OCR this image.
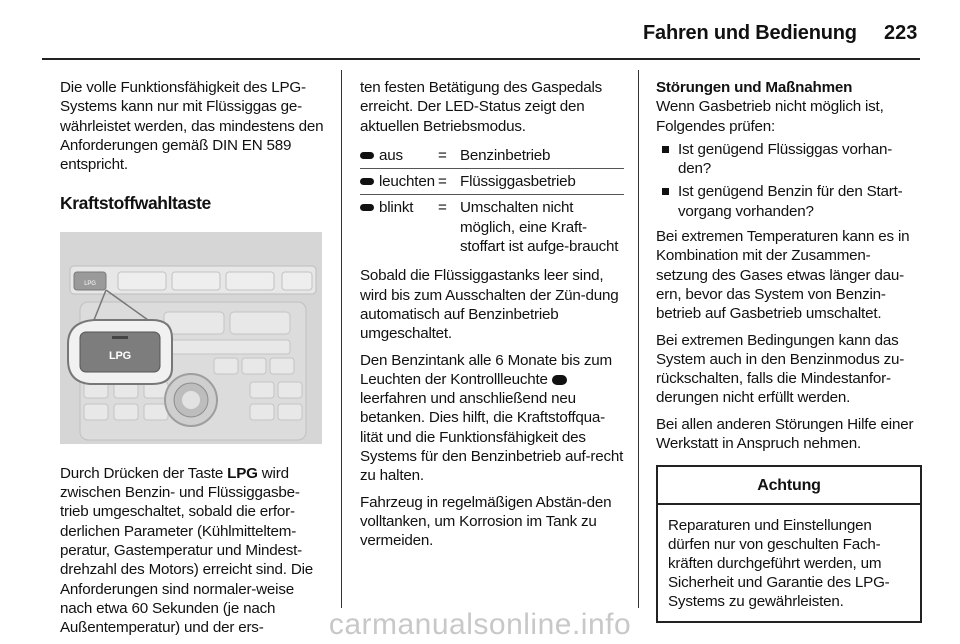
Fahren und Bedienung 223

Die volle Funktionsfähigkeit des LPG-Systems kann nur mit Flüssiggas ge-währleistet werden, das mindestens den Anforderungen gemäß DIN EN 589 entspricht.

Kraftstoffwahltaste
LPG
LPG

Durch Drücken der Taste LPG wird zwischen Benzin- und Flüssiggasbe-trieb umgeschaltet, sobald die erfor-derlichen Parameter (Kühlmitteltem-peratur, Gastemperatur und Mindest-drehzahl des Motors) erreicht sind. Die Anforderungen sind normaler-weise nach etwa 60 Sekunden (je nach Außentemperatur) und der ers-

ten festen Betätigung des Gaspedals erreicht. Der LED-Status zeigt den aktuellen Betriebsmodus.

aus = Benzinbetrieb
leuchten = Flüssiggasbetrieb
blinkt = Umschalten nicht möglich, eine Kraft-stoffart ist aufge-braucht

Sobald die Flüssiggastanks leer sind, wird bis zum Ausschalten der Zün-dung automatisch auf Benzinbetrieb umgeschaltet.

Den Benzintank alle 6 Monate bis zum Leuchten der Kontrollleuchte  leerfahren und anschließend neu betanken. Dies hilft, die Kraftstoffqua-lität und die Funktionsfähigkeit des Systems für den Benzinbetrieb auf-recht zu halten.

Fahrzeug in regelmäßigen Abstän-den volltanken, um Korrosion im Tank zu vermeiden.

Störungen und Maßnahmen

Wenn Gasbetrieb nicht möglich ist, Folgendes prüfen:

Ist genügend Flüssiggas vorhan-den?
Ist genügend Benzin für den Start-vorgang vorhanden?

Bei extremen Temperaturen kann es in Kombination mit der Zusammen-setzung des Gases etwas länger dau-ern, bevor das System von Benzin-betrieb auf Gasbetrieb umschaltet.

Bei extremen Bedingungen kann das System auch in den Benzinmodus zu-rückschalten, falls die Mindestanfor-derungen nicht erfüllt werden.

Bei allen anderen Störungen Hilfe einer Werkstatt in Anspruch nehmen.

Achtung
Reparaturen und Einstellungen dürfen nur von geschulten Fach-kräften durchgeführt werden, um Sicherheit und Garantie des LPG-Systems zu gewährleisten.
carmanualsonline.info
